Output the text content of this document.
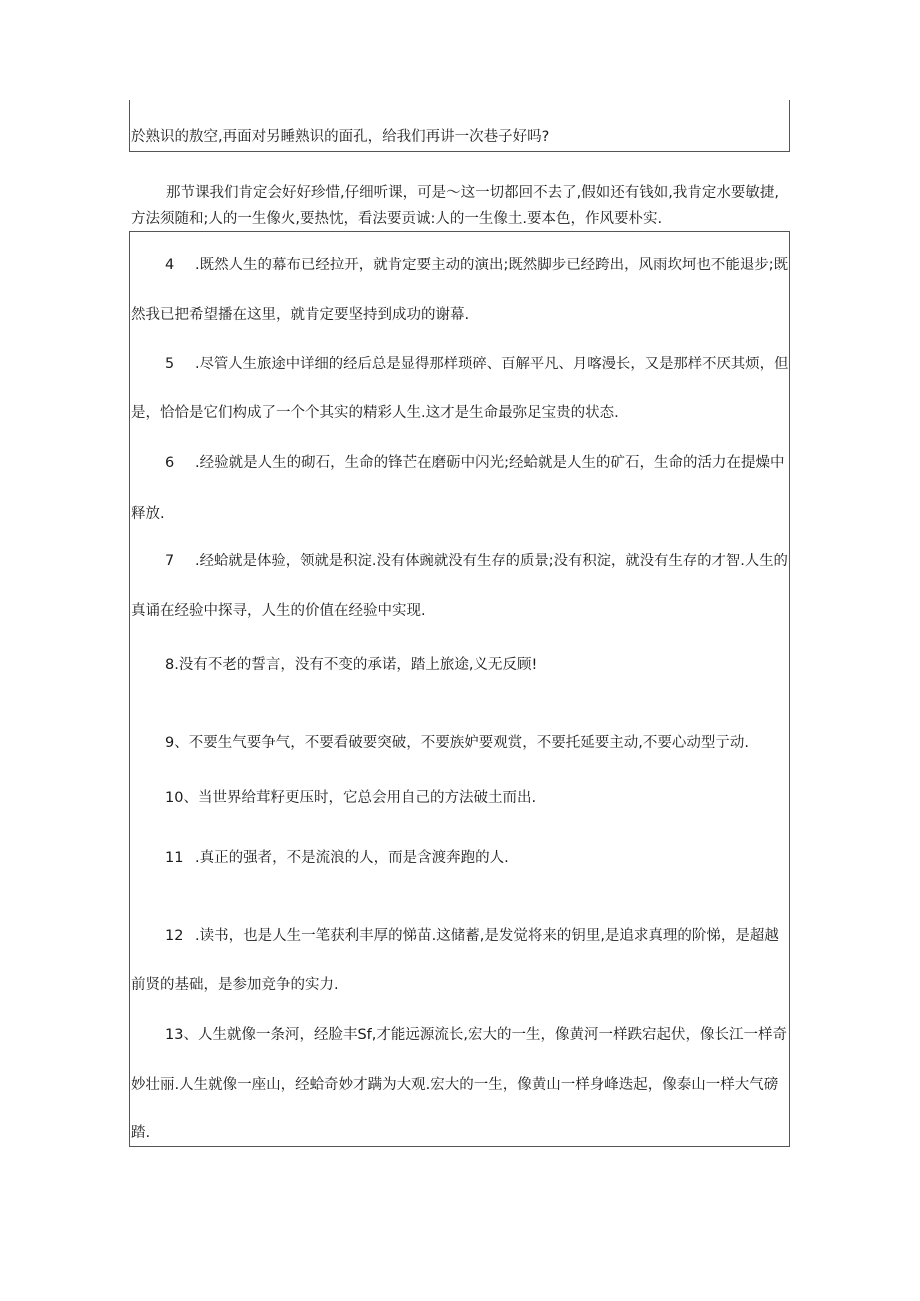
於熟识的敖空,再面对另睡熟识的面孔，给我们再讲一次巷子好吗?
那节课我们肯定会好好珍惜,仔细听课，可是〜这一切都回不去了,假如还有钱如,我肯定水要敏捷,
方法须随和;人的一生像火,要热忱，看法要贡诚:人的一生像土.要本色，作风要朴实.
4 .既然人生的幕布已经拉开，就肯定要主动的演出;既然脚步已经跨出，风雨坎坷也不能退步;既
然我已把希望播在这里，就肯定要坚持到成功的谢幕.
5 .尽管人生旅途中详细的经后总是显得那样琐碎、百解平凡、月喀漫长，又是那样不厌其烦，但
是，恰恰是它们构成了一个个其实的精彩人生.这才是生命最弥足宝贵的状态.
6 .经验就是人生的砌石，生命的锋芒在磨砺中闪光;经蛤就是人生的矿石，生命的活力在提燥中
释放.
7 .经蛤就是体验，领就是积淀.没有体豌就没有生存的质景;没有积淀，就没有生存的才智.人生的
真诵在经验中探寻，人生的价值在经验中实现.
8.没有不老的誓言，没有不变的承诺，踏上旅途,义无反顾!
9、不要生气要争气，不要看破要突破，不要族妒要观赏，不要托延要主动,不要心动型亍动.
10、当世界给茸籽更压时，它总会用自己的方法破土而出.
11 .真正的强者，不是流浪的人，而是含渡奔跑的人.
12 .读书，也是人生一笔获利丰厚的悌苗.这储蓄,是发觉将来的钥里,是追求真理的阶悌，是超越
前贤的基础，是参加竞争的实力.
13、人生就像一条河，经脸丰Sf,才能远源流长,宏大的一生，像黄河一样跌宕起伏，像长江一样奇
妙壮丽.人生就像一座山，经蛤奇妙才蹒为大观.宏大的一生，像黄山一样身峰迭起，像泰山一样大气磅
踏.
